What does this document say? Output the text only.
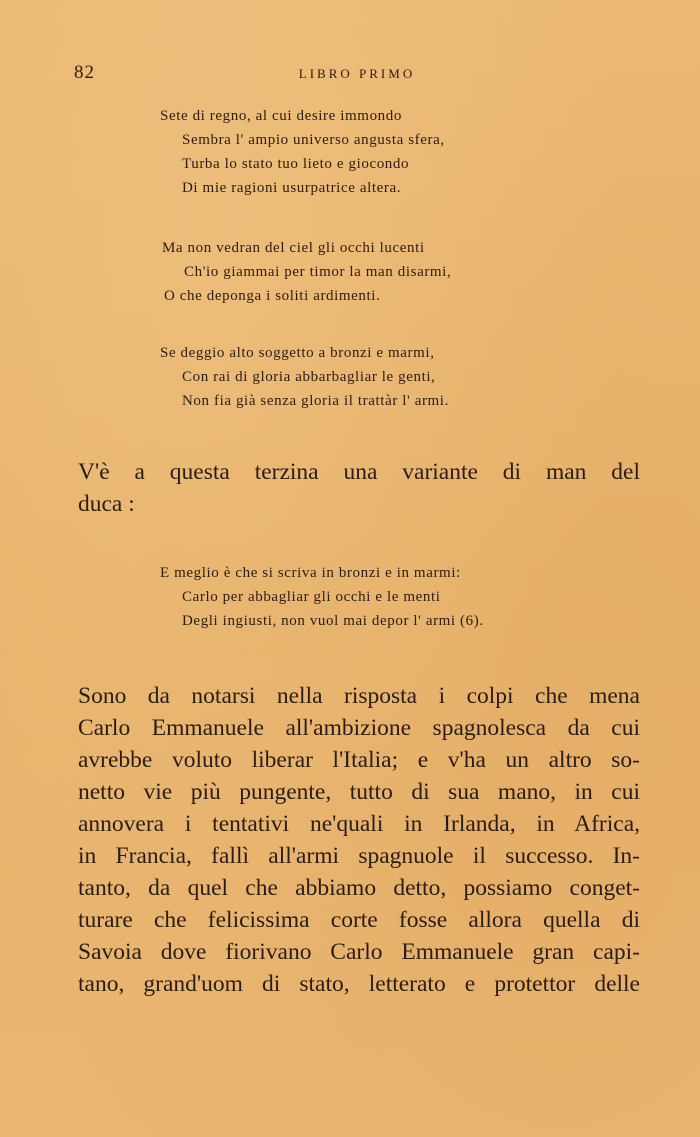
82	LIBRO PRIMO
Sete di regno, al cui desire immondo
Sembra l' ampio universo angusta sfera,
Turba lo stato tuo lieto e giocondo
Di mie ragioni usurpatrice altera.
Ma non vedran del ciel gli occhi lucenti
Ch'io giammai per timor la man disarmi,
O che deponga i soliti ardimenti.
Se deggio alto soggetto a bronzi e marmi,
Con rai di gloria abbarbagliar le genti,
Non fia già senza gloria il trattàr l' armi.
V'è a questa terzina una variante di man del
duca :
E meglio è che si scriva in bronzi e in marmi:
Carlo per abbagliar gli occhi e le menti
Degli ingiusti, non vuol mai depor l' armi (6).
Sono da notarsi nella risposta i colpi che mena
Carlo Emmanuele all'ambizione spagnolesca da cui
avrebbe voluto liberar l'Italia; e v'ha un altro so-
netto vie più pungente, tutto di sua mano, in cui
annovera i tentativi ne'quali in Irlanda, in Africa,
in Francia, fallì all'armi spagnuole il successo. In-
tanto, da quel che abbiamo detto, possiamo conget-
turare che felicissima corte fosse allora quella di
Savoia dove fiorivano Carlo Emmanuele gran capi-
tano, grand'uom di stato, letterato e protettor delle
